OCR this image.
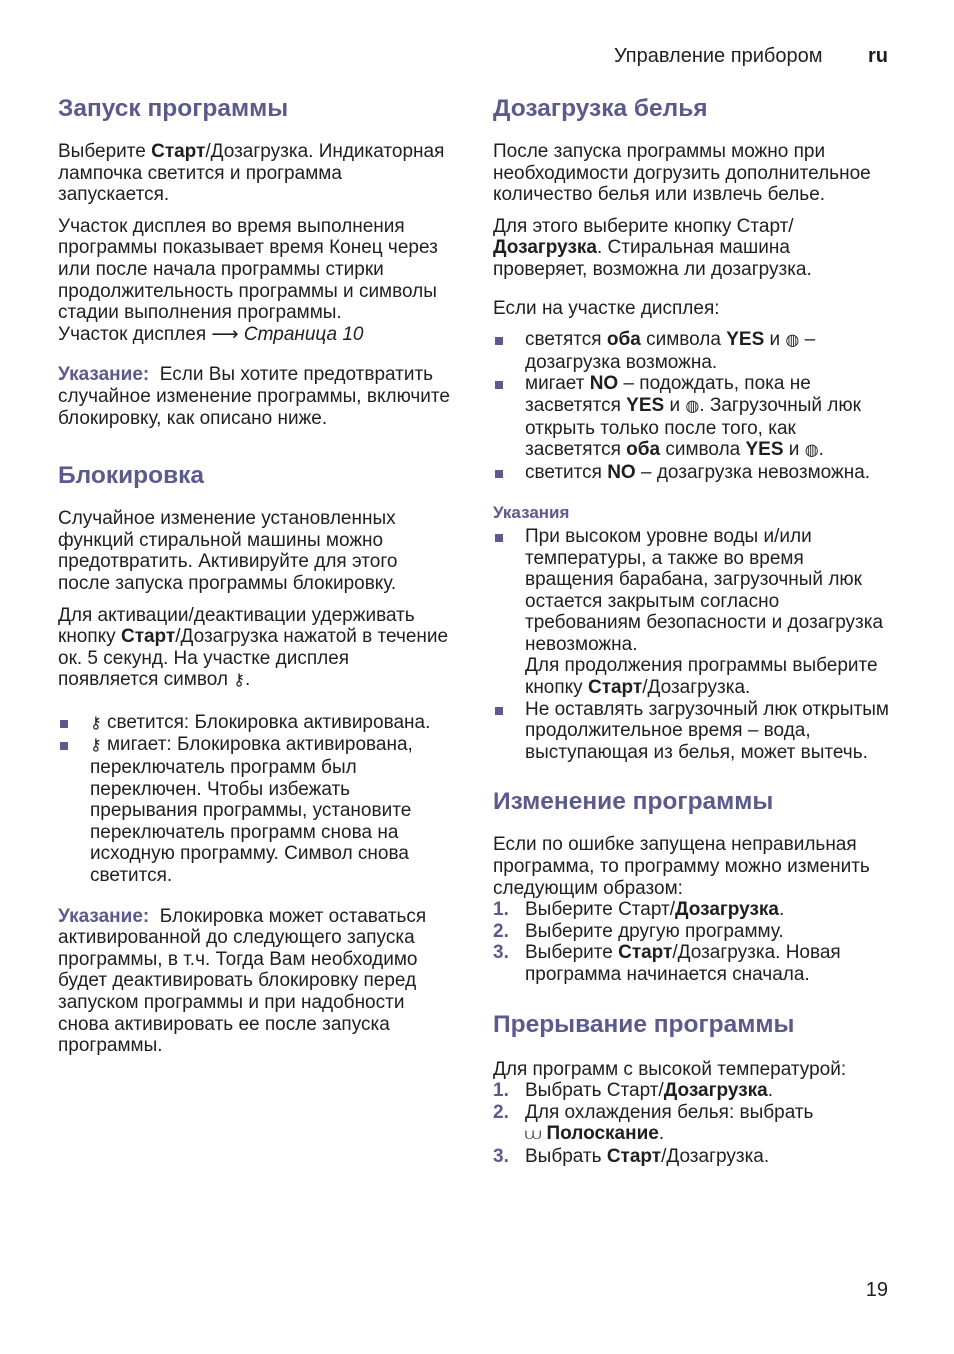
Управление прибором ru
Запуск программы

Выберите Старт/Дозагрузка. Индикаторная лампочка светится и программа запускается.

Участок дисплея во время выполнения программы показывает время Конец через или после начала программы стирки продолжительность программы и символы стадии выполнения программы.
Участок дисплея ⟶ Страница 10

Указание: Если Вы хотите предотвратить случайное изменение программы, включите блокировку, как описано ниже.

Блокировка

Случайное изменение установленных функций стиральной машины можно предотвратить. Активируйте для этого после запуска программы блокировку.

Для активации/деактивации удерживать кнопку Старт/Дозагрузка нажатой в течение ок. 5 секунд. На участке дисплея появляется символ ⚷.

⚷ светится: Блокировка активирована.
⚷ мигает: Блокировка активирована, переключатель программ был переключен. Чтобы избежать прерывания программы, установите переключатель программ снова на исходную программу. Символ снова светится.

Указание: Блокировка может оставаться активированной до следующего запуска программы, в т.ч. Тогда Вам необходимо будет деактивировать блокировку перед запуском программы и при надобности снова активировать ее после запуска программы.

Дозагрузка белья

После запуска программы можно при необходимости догрузить дополнительное количество белья или извлечь белье.

Для этого выберите кнопку Старт/Дозагрузка. Стиральная машина проверяет, возможна ли дозагрузка.

Если на участке дисплея:

светятся оба символа YES и ◍ – дозагрузка возможна.
мигает NO – подождать, пока не засветятся YES и ◍. Загрузочный люк открыть только после того, как засветятся оба символа YES и ◍.
светится NO – дозагрузка невозможна.

Указания

При высоком уровне воды и/или температуры, а также во время вращения барабана, загрузочный люк остается закрытым согласно требованиям безопасности и дозагрузка невозможна.
Для продолжения программы выберите кнопку Старт/Дозагрузка.
Не оставлять загрузочный люк открытым продолжительное время – вода, выступающая из белья, может вытечь.
Изменение программы

Если по ошибке запущена неправильная программа, то программу можно изменить следующим образом:

1. Выберите Старт/Дозагрузка.
2. Выберите другую программу.
3. Выберите Старт/Дозагрузка. Новая программа начинается сначала.
Прерывание программы

Для программ с высокой температурой:

1. Выбрать Старт/Дозагрузка.
2. Для охлаждения белья: выбрать
⩊ Полоскание.
3. Выбрать Старт/Дозагрузка.
19
